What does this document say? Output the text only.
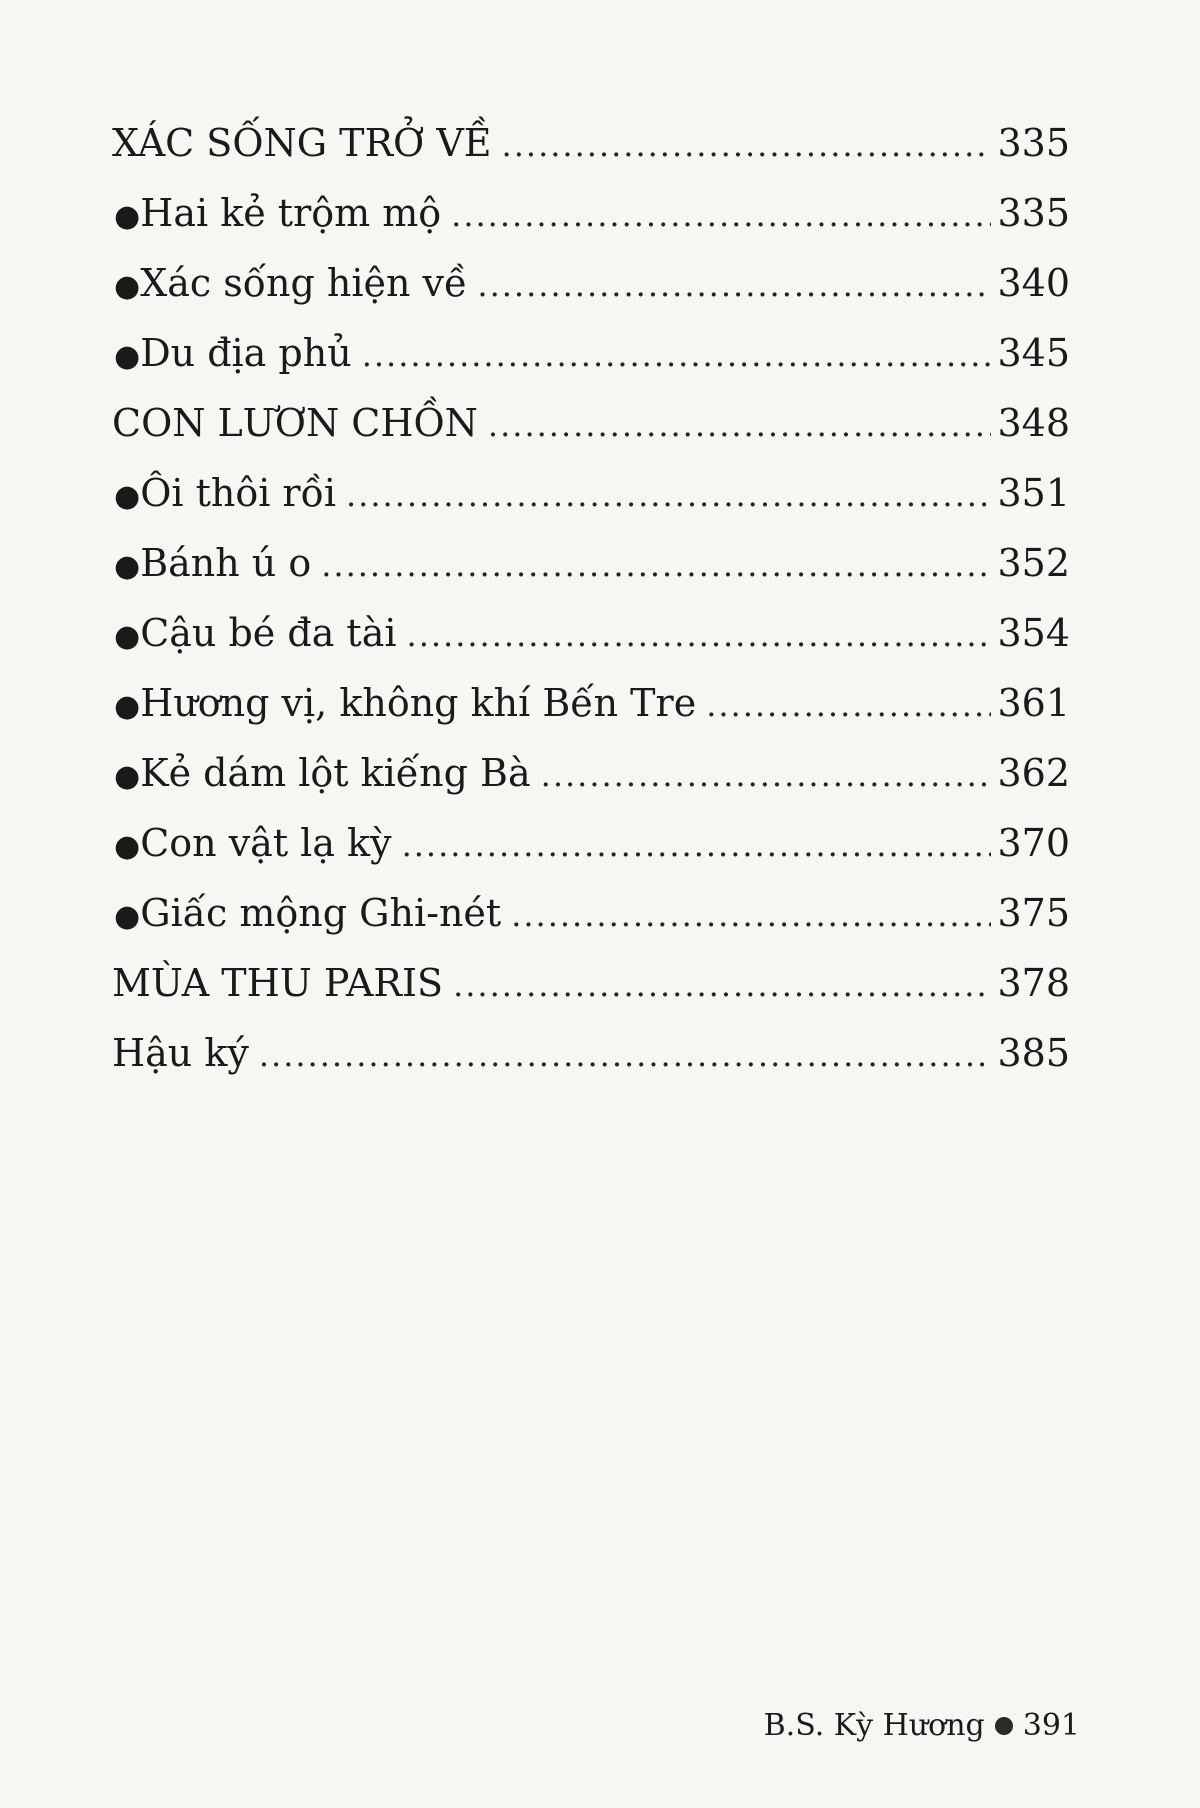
XÁC SỐNG TRỞ VỀ .....	335
● Hai kẻ trộm mộ .....	335
● Xác sống hiện về .....	340
● Du địa phủ .....	345
CON LƯƠN CHỒN .....	348
● Ôi thôi rồi .....	351
● Bánh ú o .....	352
● Cậu bé đa tài .....	354
● Hương vị, không khí Bến Tre .....	361
● Kẻ dám lột kiếng Bà .....	362
● Con vật lạ kỳ .....	370
● Giấc mộng Ghi-nét .....	375
MÙA THU PARIS .....	378
Hậu ký .....	385
B.S. Kỳ Hương 391
